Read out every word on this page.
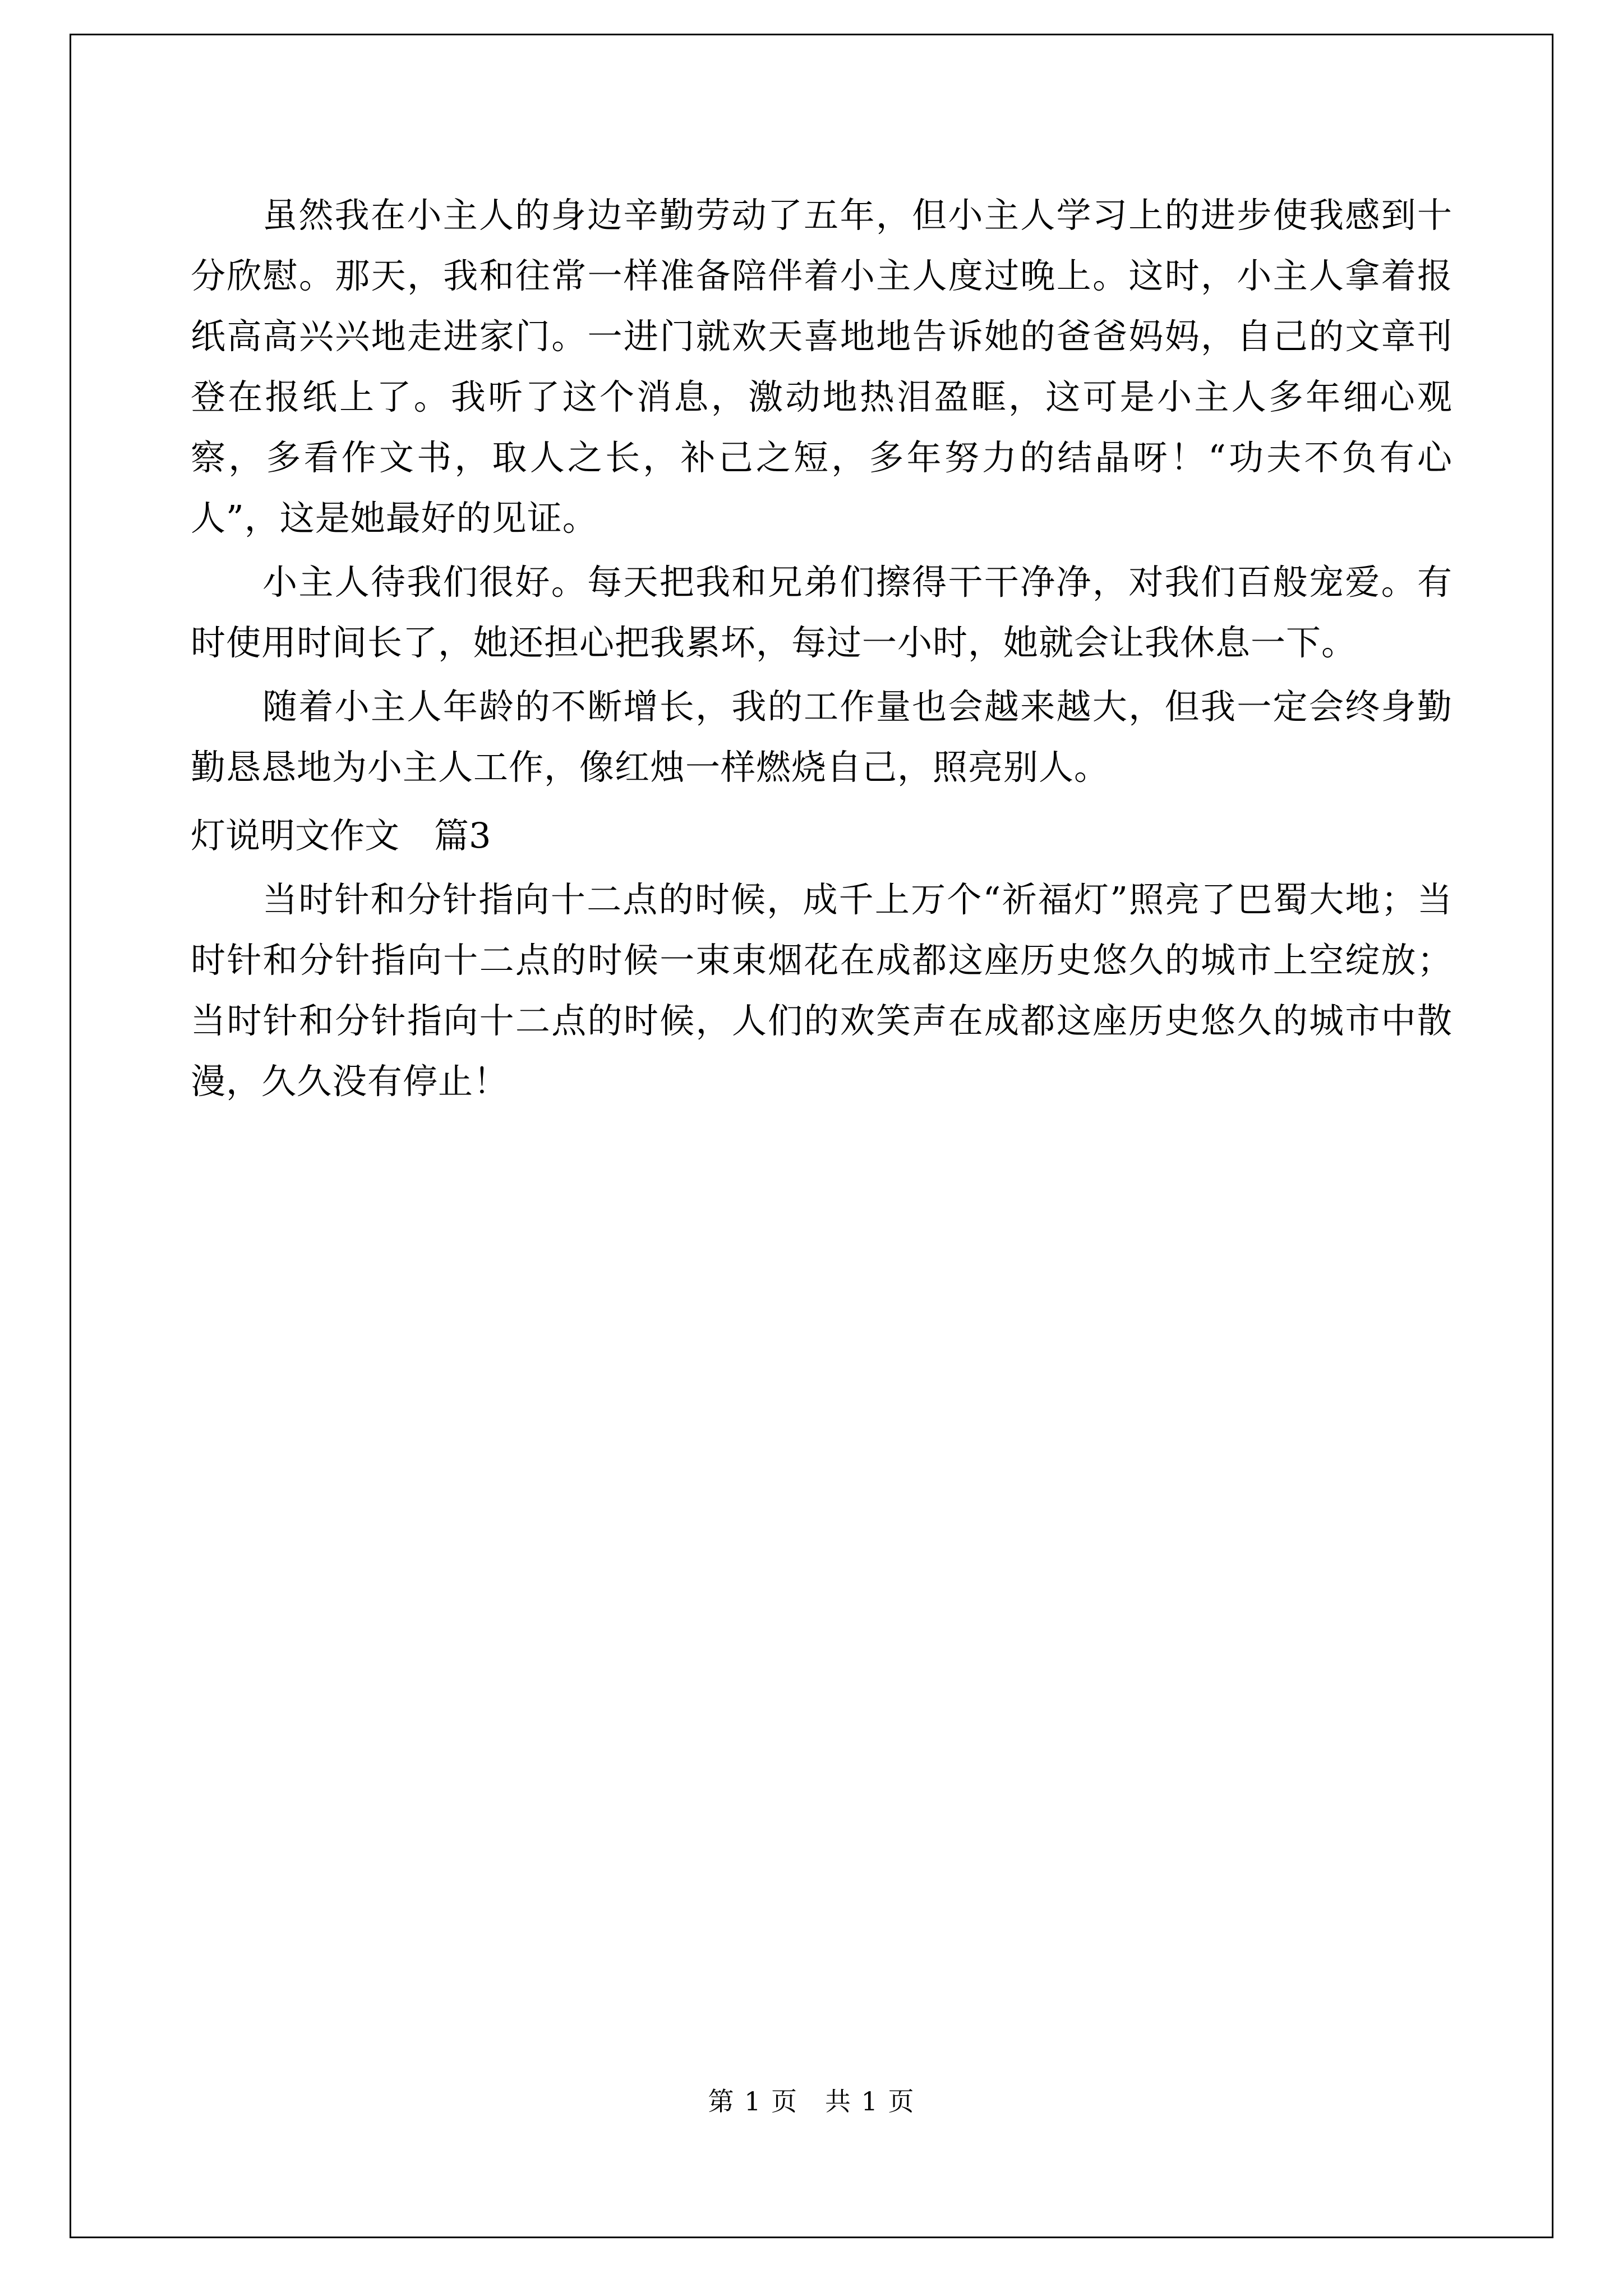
虽然我在小主人的身边辛勤劳动了五年，但小主人学习上的进步使我感到十分欣慰。那天，我和往常一样准备陪伴着小主人度过晚上。这时，小主人拿着报纸高高兴兴地走进家门。一进门就欢天喜地地告诉她的爸爸妈妈，自己的文章刊登在报纸上了。我听了这个消息，激动地热泪盈眶，这可是小主人多年细心观察，多看作文书，取人之长，补己之短，多年努力的结晶呀！“功夫不负有心人”，这是她最好的见证。

小主人待我们很好。每天把我和兄弟们擦得干干净净，对我们百般宠爱。有时使用时间长了，她还担心把我累坏，每过一小时，她就会让我休息一下。

随着小主人年龄的不断增长，我的工作量也会越来越大，但我一定会终身勤勤恳恳地为小主人工作，像红烛一样燃烧自己，照亮别人。

灯说明文作文　篇3

当时针和分针指向十二点的时候，成千上万个“祈福灯”照亮了巴蜀大地；当时针和分针指向十二点的时候一束束烟花在成都这座历史悠久的城市上空绽放；当时针和分针指向十二点的时候，人们的欢笑声在成都这座历史悠久的城市中散漫，久久没有停止！

第 1 页　共 1 页
